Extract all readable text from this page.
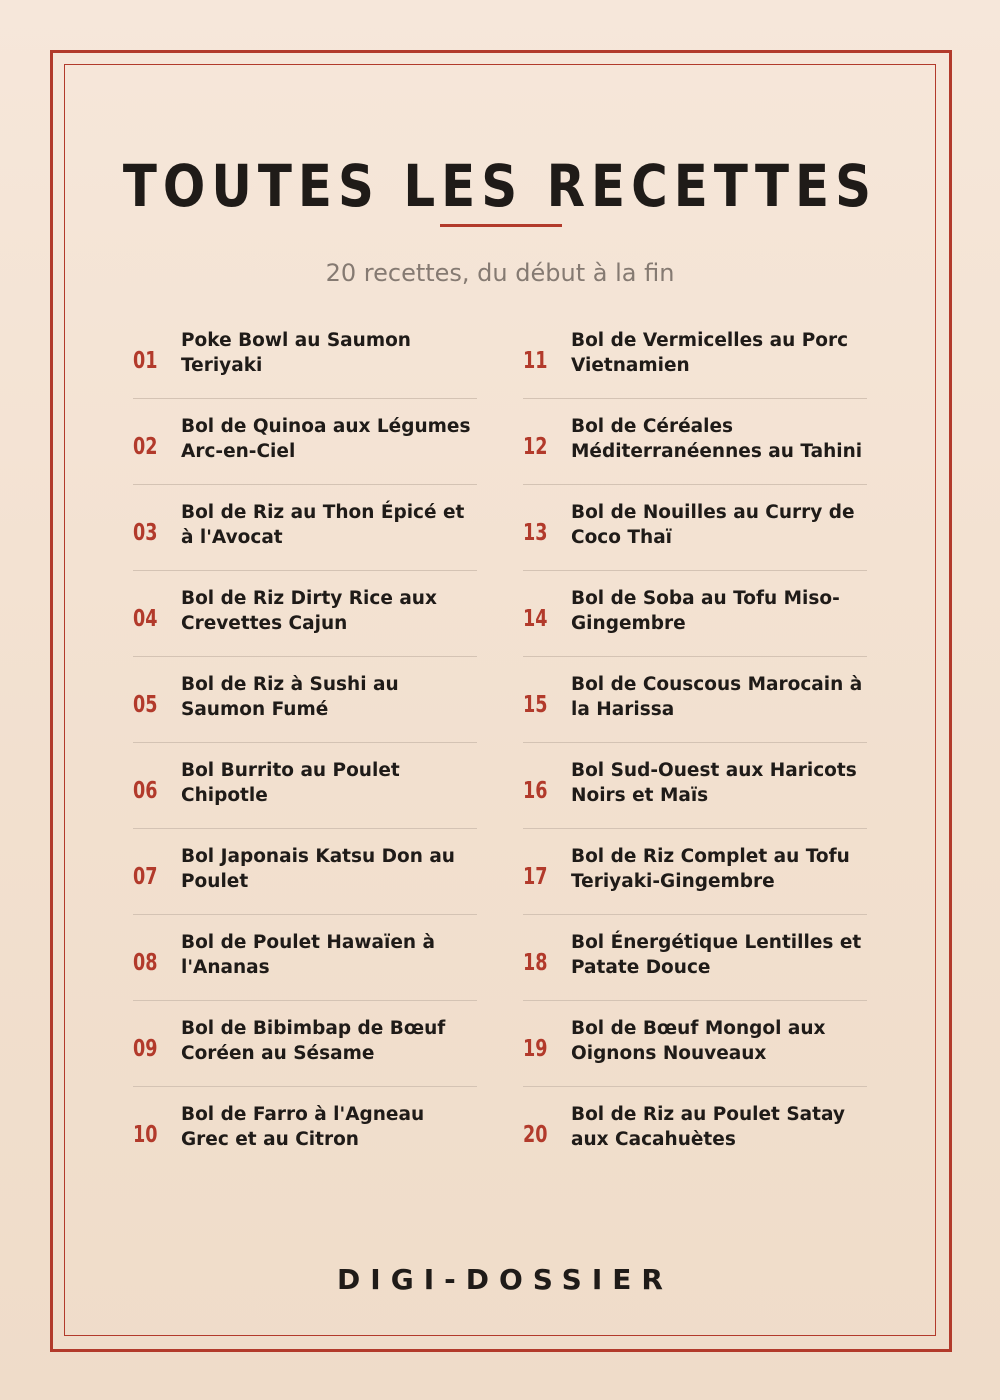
TOUTES LES RECETTES
20 recettes, du début à la fin
01
Poke Bowl au Saumon Teriyaki
02
Bol de Quinoa aux Légumes Arc-en-Ciel
03
Bol de Riz au Thon Épicé et à l'Avocat
04
Bol de Riz Dirty Rice aux Crevettes Cajun
05
Bol de Riz à Sushi au Saumon Fumé
06
Bol Burrito au Poulet Chipotle
07
Bol Japonais Katsu Don au Poulet
08
Bol de Poulet Hawaïen à l'Ananas
09
Bol de Bibimbap de Bœuf Coréen au Sésame
10
Bol de Farro à l'Agneau Grec et au Citron
11
Bol de Vermicelles au Porc Vietnamien
12
Bol de Céréales Méditerranéennes au Tahini
13
Bol de Nouilles au Curry de Coco Thaï
14
Bol de Soba au Tofu Miso-Gingembre
15
Bol de Couscous Marocain à la Harissa
16
Bol Sud-Ouest aux Haricots Noirs et Maïs
17
Bol de Riz Complet au Tofu Teriyaki-Gingembre
18
Bol Énergétique Lentilles et Patate Douce
19
Bol de Bœuf Mongol aux Oignons Nouveaux
20
Bol de Riz au Poulet Satay aux Cacahuètes
DIGI-DOSSIER
